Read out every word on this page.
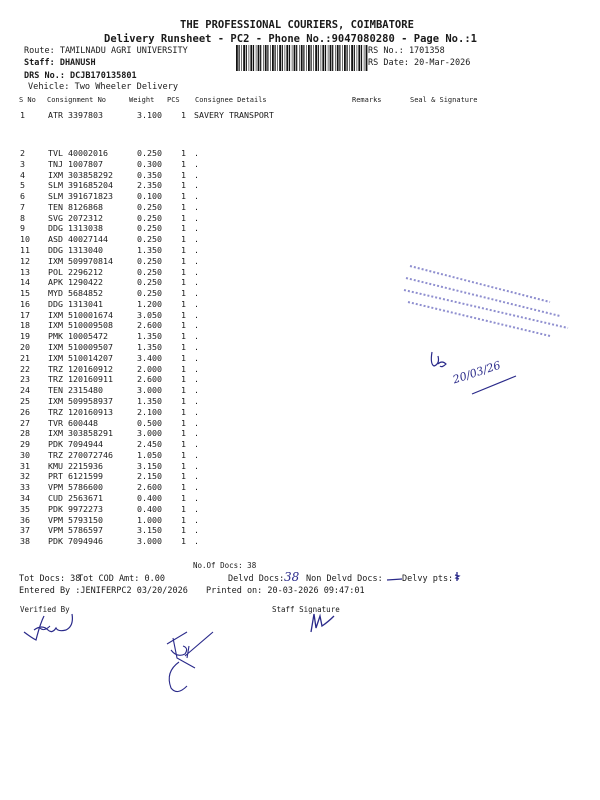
THE PROFESSIONAL COURIERS, COIMBATORE
Delivery Runsheet - PC2 - Phone No.:9047080280 - Page No.:1
Route: TAMILNADU AGRI UNIVERSITY
Staff: DHANUSH
DRS No.: DCJB170135801
Vehicle: Two Wheeler Delivery
RS No.: 1701358
RS Date: 20-Mar-2026
S No Consignment No	Weight PCS Consignee Details	Remarks	Seal & Signature
1	ATR 3397803	3.100 1 SAVERY TRANSPORT
2	TVL 40002016	0.250 1 .
3	TNJ 1007807	0.300 1 .
4	IXM 303858292	0.350 1 .
5	SLM 391685204	2.350 1 .
6	SLM 391671823	0.100 1 .
7	TEN 8126868	0.250 1 .
8	SVG 2072312	0.250 1 .
9	DDG 1313038	0.250 1 .
10 ASD 40027144	0.250 1 .
11 DDG 1313040	1.350 1 .
12 IXM 509970814	0.250 1 .
13 POL 2296212	0.250 1 .
14 APK 1290422	0.250 1 .
15 MYD 5684852	0.250 1 .
16 DDG 1313041	1.200 1 .
17 IXM 510001674	3.050 1 .
18 IXM 510009508	2.600 1 .
19 PMK 10005472	1.350 1 .
20 IXM 510009507	1.350 1 .
21 IXM 510014207	3.400 1 .
22 TRZ 120160912	2.000 1 .
23 TRZ 120160911	2.600 1 .
24 TEN 2315480	3.000 1 .
25 IXM 509958937	1.350 1 .
26 TRZ 120160913	2.100 1 .
27 TVR 600448	0.500 1 .
28 IXM 303858291	3.000 1 .
29 PDK 7094944	2.450 1 .
30 TRZ 270072746	1.050 1 .
31 KMU 2215936	3.150 1 .
32 PRT 6121599	2.150 1 .
33 VPM 5786600	2.600 1 .
34 CUD 2563671	0.400 1 .
35 PDK 9972273	0.400 1 .
36 VPM 5793150	1.000 1 .
37 VPM 5786597	3.150 1 .
38 PDK 7094946	3.000 1 .
No.Of Docs: 38
Tot Docs: 38
Tot COD Amt: 0.00	Delvd Docs: 38 Non Delvd Docs: Delvy pts:
Entered By :JENIFERPC2 03/20/2026 Printed on: 20-03-2026 09:47:01
Verified By	Staff Signature
20/03/26
